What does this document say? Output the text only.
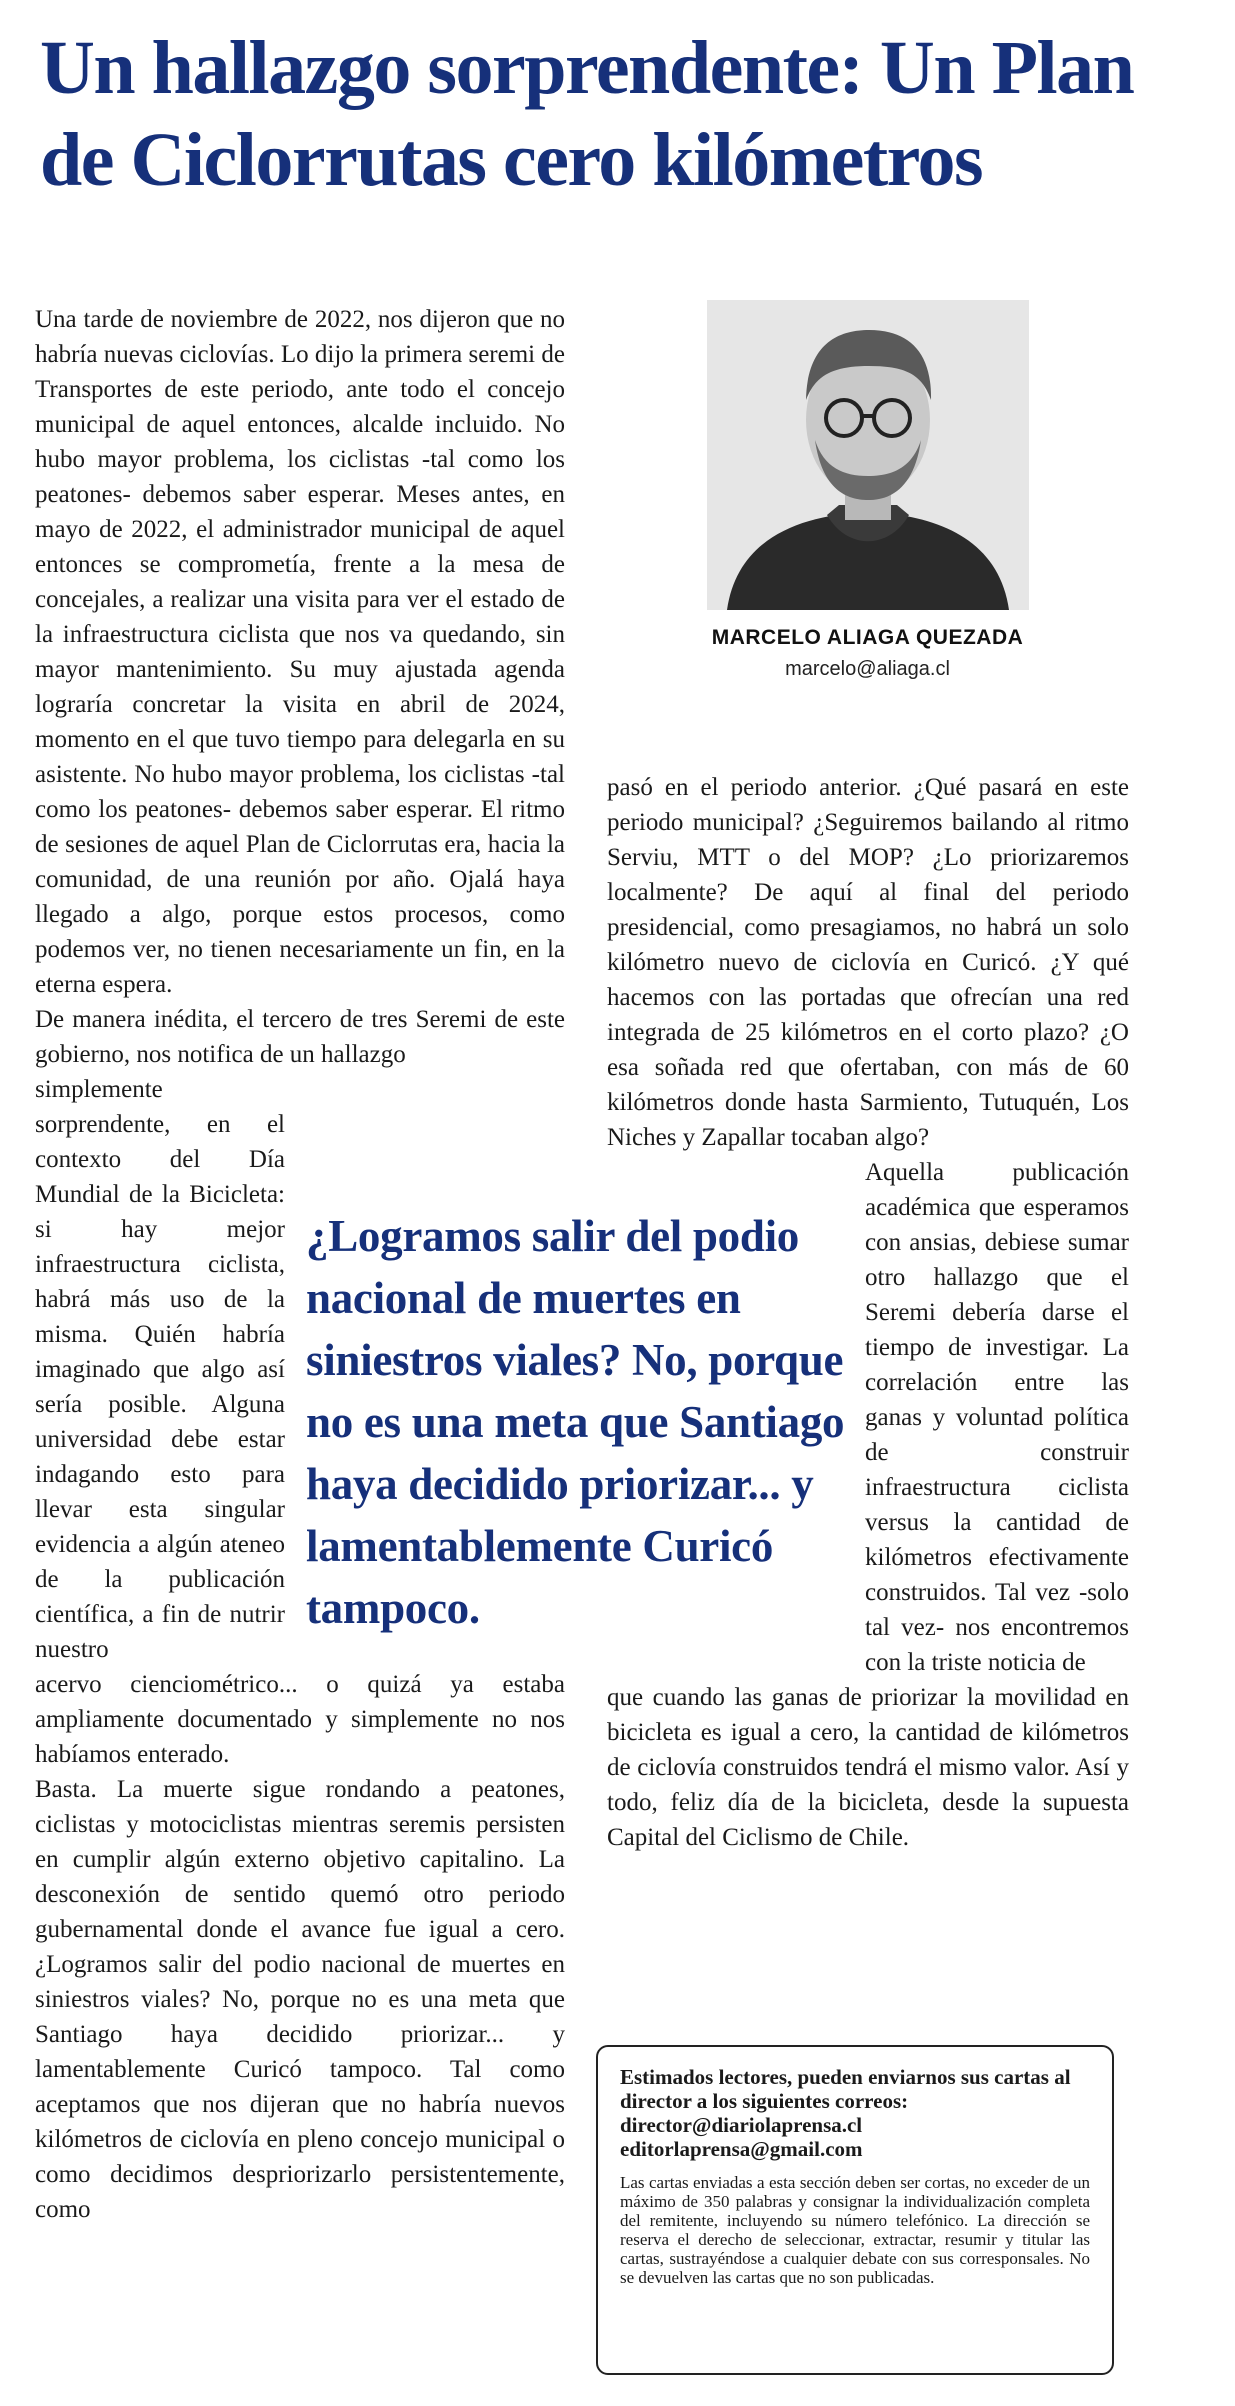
Un hallazgo sorprendente: Un Plan de Ciclorrutas cero kilómetros
MARCELO ALIAGA QUEZADA
marcelo@aliaga.cl

Una tarde de noviembre de 2022, nos dijeron que no habría nuevas ciclovías. Lo dijo la primera seremi de Transportes de este periodo, ante todo el concejo municipal de aquel entonces, alcalde incluido. No hubo mayor problema, los ciclistas -tal como los peatones- debemos saber esperar. Meses antes, en mayo de 2022, el administrador municipal de aquel entonces se comprometía, frente a la mesa de concejales, a realizar una visita para ver el estado de la infraestructura ciclista que nos va quedando, sin mayor mantenimiento. Su muy ajustada agenda lograría concretar la visita en abril de 2024, momento en el que tuvo tiempo para delegarla en su asistente. No hubo mayor problema, los ciclistas -tal como los peatones- debemos saber esperar. El ritmo de sesiones de aquel Plan de Ciclorrutas era, hacia la comunidad, de una reunión por año. Ojalá haya llegado a algo, porque estos procesos, como podemos ver, no tienen necesariamente un fin, en la eterna espera.

De manera inédita, el tercero de tres Seremi de este gobierno, nos notifica de un hallazgo

simplemente sorprendente, en el contexto del Día Mundial de la Bicicleta: si hay mejor infraestructura ciclista, habrá más uso de la misma. Quién habría imaginado que algo así sería posible. Alguna universidad debe estar indagando esto para llevar esta singular evidencia a algún ateneo de la publicación científica, a fin de nutrir nuestro

acervo cienciométrico... o quizá ya estaba ampliamente documentado y simplemente no nos habíamos enterado.

Basta. La muerte sigue rondando a peatones, ciclistas y motociclistas mientras seremis persisten en cumplir algún externo objetivo capitalino. La desconexión de sentido quemó otro periodo gubernamental donde el avance fue igual a cero. ¿Logramos salir del podio nacional de muertes en siniestros viales? No, porque no es una meta que Santiago haya decidido priorizar... y lamentablemente Curicó tampoco. Tal como aceptamos que nos dijeran que no habría nuevos kilómetros de ciclovía en pleno concejo municipal o como decidimos despriorizarlo persistentemente, como

pasó en el periodo anterior. ¿Qué pasará en este periodo municipal? ¿Seguiremos bailando al ritmo Serviu, MTT o del MOP? ¿Lo priorizaremos localmente? De aquí al final del periodo presidencial, como presagiamos, no habrá un solo kilómetro nuevo de ciclovía en Curicó. ¿Y qué hacemos con las portadas que ofrecían una red integrada de 25 kilómetros en el corto plazo? ¿O esa soñada red que ofertaban, con más de 60 kilómetros donde hasta Sarmiento, Tutuquén, Los Niches y Zapallar tocaban algo?

Aquella publicación académica que esperamos con ansias, debiese sumar otro hallazgo que el Seremi debería darse el tiempo de investigar. La correlación entre las ganas y voluntad política de construir infraestructura ciclista versus la cantidad de kilómetros efectivamente construidos. Tal vez -solo tal vez- nos encontremos con la triste noticia de

que cuando las ganas de priorizar la movilidad en bicicleta es igual a cero, la cantidad de kilómetros de ciclovía construidos tendrá el mismo valor. Así y todo, feliz día de la bicicleta, desde la supuesta Capital del Ciclismo de Chile.

¿Logramos salir del podio nacional de muertes en siniestros viales? No, porque no es una meta que Santiago haya decidido priorizar... y lamentablemente Curicó tampoco.

Estimados lectores, pueden enviarnos sus cartas al director a los siguientes correos:

director@diariolaprensa.cl

editorlaprensa@gmail.com

Las cartas enviadas a esta sección deben ser cortas, no exceder de un máximo de 350 palabras y consignar la individualización completa del remitente, incluyendo su número telefónico. La dirección se reserva el derecho de seleccionar, extractar, resumir y titular las cartas, sustrayéndose a cualquier debate con sus corresponsales. No se devuelven las cartas que no son publicadas.
